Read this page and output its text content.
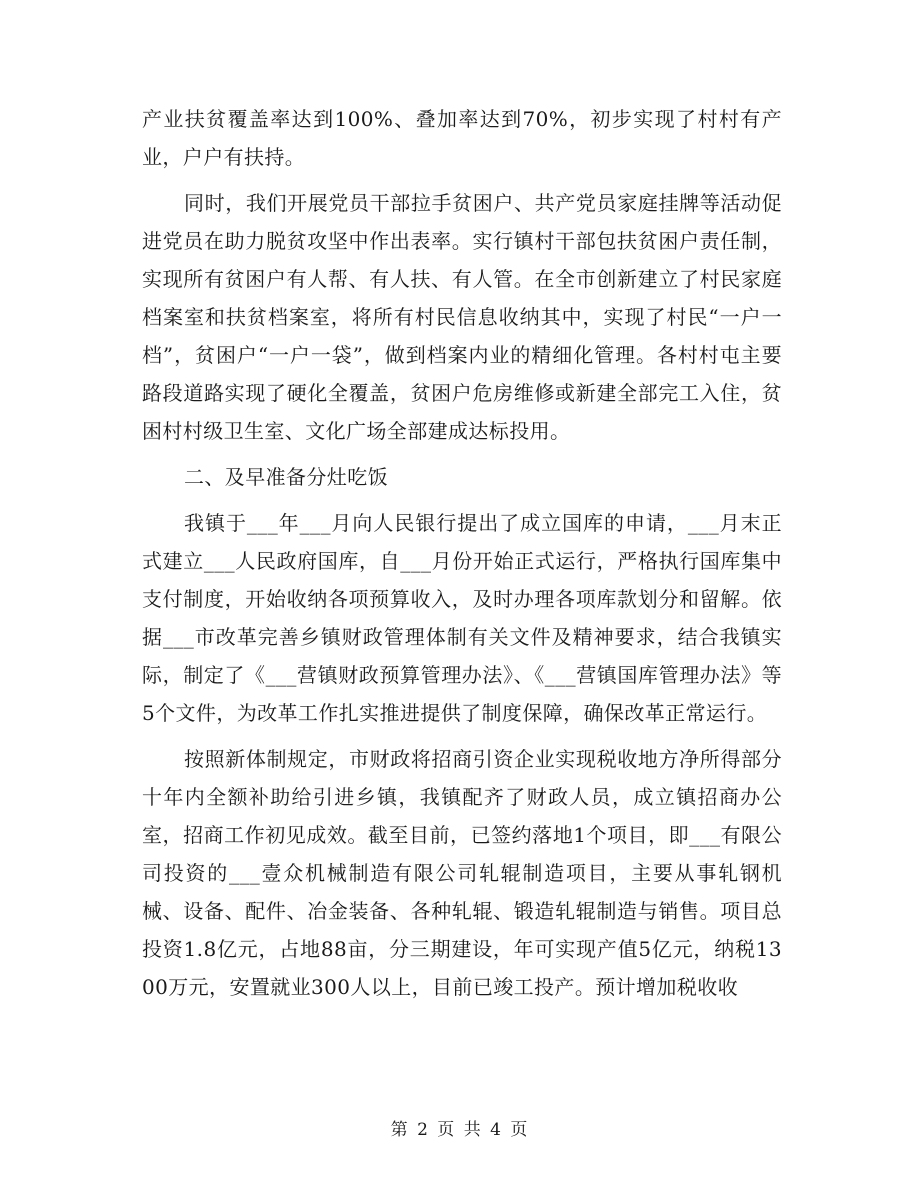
产业扶贫覆盖率达到100%、叠加率达到70%，初步实现了村村有产业，户户有扶持。

同时，我们开展党员干部拉手贫困户、共产党员家庭挂牌等活动促进党员在助力脱贫攻坚中作出表率。实行镇村干部包扶贫困户责任制，实现所有贫困户有人帮、有人扶、有人管。在全市创新建立了村民家庭档案室和扶贫档案室，将所有村民信息收纳其中，实现了村民“一户一档”，贫困户“一户一袋”，做到档案内业的精细化管理。各村村屯主要路段道路实现了硬化全覆盖，贫困户危房维修或新建全部完工入住，贫困村村级卫生室、文化广场全部建成达标投用。

二、及早准备分灶吃饭

我镇于___年___月向人民银行提出了成立国库的申请，___月末正式建立___人民政府国库，自___月份开始正式运行，严格执行国库集中支付制度，开始收纳各项预算收入，及时办理各项库款划分和留解。依据___市改革完善乡镇财政管理体制有关文件及精神要求，结合我镇实际，制定了《___营镇财政预算管理办法》、《___营镇国库管理办法》等5个文件，为改革工作扎实推进提供了制度保障，确保改革正常运行。

按照新体制规定，市财政将招商引资企业实现税收地方净所得部分十年内全额补助给引进乡镇，我镇配齐了财政人员，成立镇招商办公室，招商工作初见成效。截至目前，已签约落地1个项目，即___有限公司投资的___壹众机械制造有限公司轧辊制造项目，主要从事轧钢机械、设备、配件、冶金装备、各种轧辊、锻造轧辊制造与销售。项目总投资1.8亿元，占地88亩，分三期建设，年可实现产值5亿元，纳税1300万元，安置就业300人以上，目前已竣工投产。预计增加税收收

第 2 页 共 4 页
